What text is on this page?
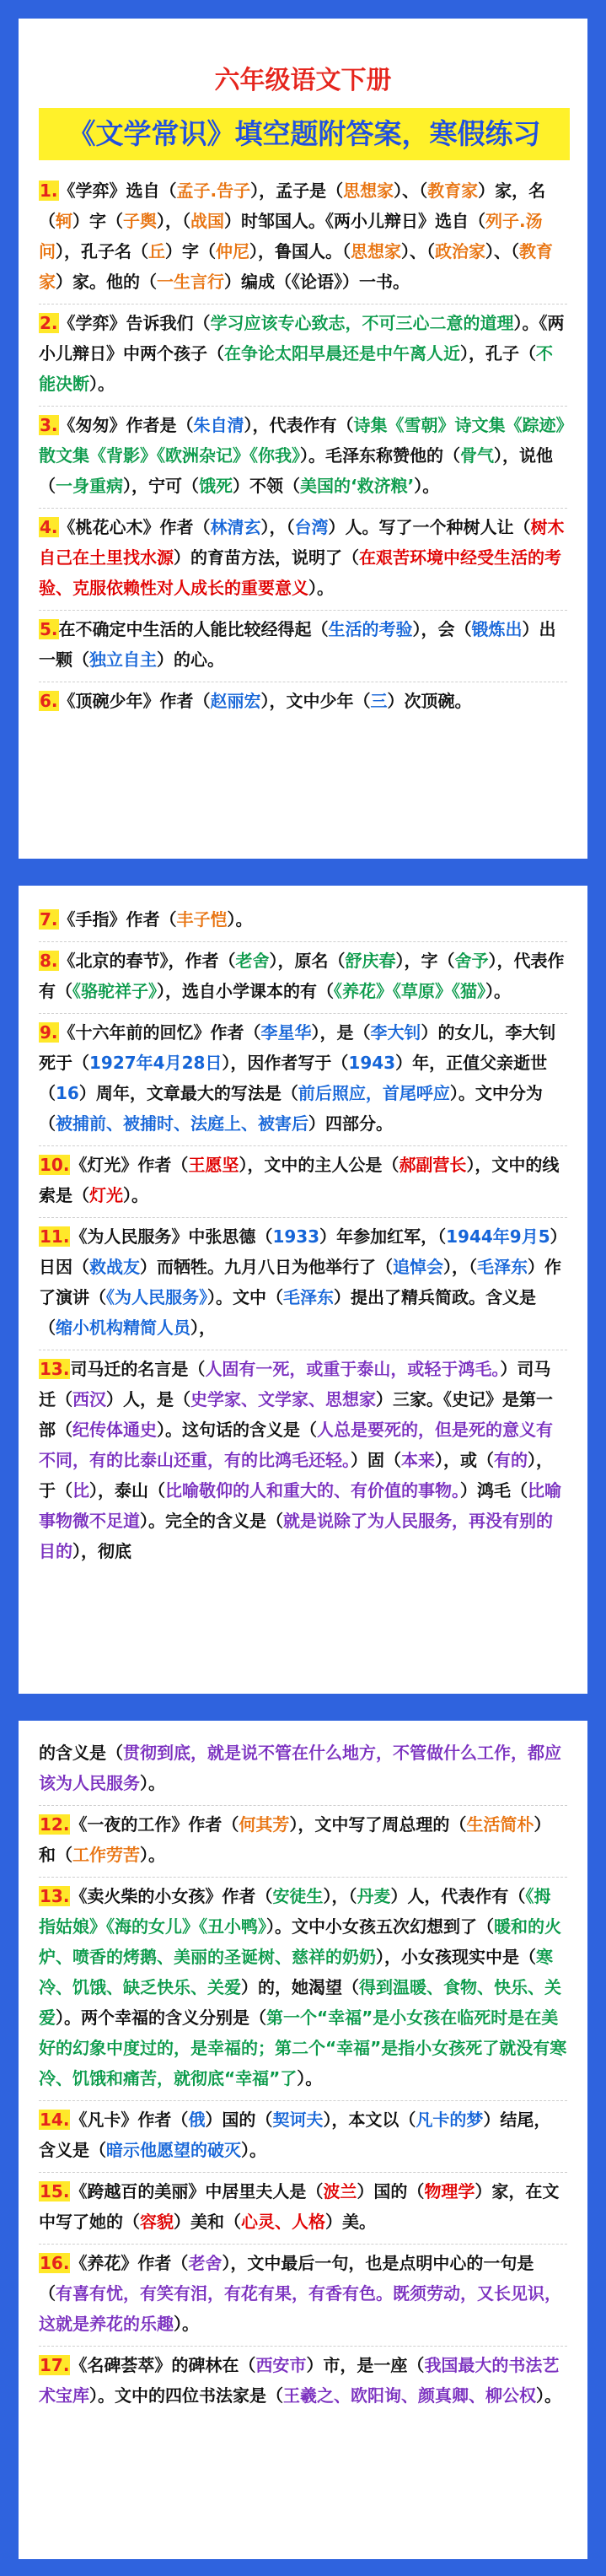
六年级语文下册
《文学常识》填空题附答案，寒假练习
1.《学弈》选自（孟子.告子），孟子是（思想家）、（教育家）家，名（轲）字（子舆），（战国）时邹国人。《两小儿辩日》选自（列子.汤问），孔子名（丘）字（仲尼），鲁国人。（思想家）、（政治家）、（教育家）家。他的（一生言行）编成（《论语》）一书。
2.《学弈》告诉我们（学习应该专心致志，不可三心二意的道理）。《两小儿辩日》中两个孩子（在争论太阳早晨还是中午离人近），孔子（不能决断）。
3.《匆匆》作者是（朱自清），代表作有（诗集《雪朝》诗文集《踪迹》散文集《背影》《欧洲杂记》《你我》）。毛泽东称赞他的（骨气），说他（一身重病），宁可（饿死）不领（美国的‘救济粮’）。
4.《桃花心木》作者（林清玄），（台湾）人。写了一个种树人让（树木自己在土里找水源）的育苗方法，说明了（在艰苦环境中经受生活的考验、克服依赖性对人成长的重要意义）。
5.在不确定中生活的人能比较经得起（生活的考验），会（锻炼出）出一颗（独立自主）的心。
6.《顶碗少年》作者（赵丽宏），文中少年（三）次顶碗。
7.《手指》作者（丰子恺）。
8.《北京的春节》，作者（老舍），原名（舒庆春），字（舍予），代表作有（《骆驼祥子》），选自小学课本的有（《养花》《草原》《猫》）。
9.《十六年前的回忆》作者（李星华），是（李大钊）的女儿，李大钊死于（1927年4月28日），因作者写于（1943）年，正值父亲逝世（16）周年，文章最大的写法是（前后照应，首尾呼应）。文中分为（被捕前、被捕时、法庭上、被害后）四部分。
10.《灯光》作者（王愿坚），文中的主人公是（郝副营长），文中的线索是（灯光）。
11.《为人民服务》中张思德（1933）年参加红军，（1944年9月5）日因（救战友）而牺牲。九月八日为他举行了（追悼会），（毛泽东）作了演讲（《为人民服务》）。文中（毛泽东）提出了精兵简政。含义是（缩小机构精简人员），
13.司马迁的名言是（人固有一死，或重于泰山，或轻于鸿毛。）司马迁（西汉）人，是（史学家、文学家、思想家）三家。《史记》是第一部（纪传体通史）。这句话的含义是（人总是要死的，但是死的意义有不同，有的比泰山还重，有的比鸿毛还轻。）固（本来），或（有的），于（比），泰山（比喻敬仰的人和重大的、有价值的事物。）鸿毛（比喻事物微不足道）。完全的含义是（就是说除了为人民服务，再没有别的目的），彻底
的含义是（贯彻到底，就是说不管在什么地方，不管做什么工作，都应该为人民服务）。
12.《一夜的工作》作者（何其芳），文中写了周总理的（生活简朴）和（工作劳苦）。
13.《卖火柴的小女孩》作者（安徒生），（丹麦）人，代表作有（《拇指姑娘》《海的女儿》《丑小鸭》）。文中小女孩五次幻想到了（暖和的火炉、喷香的烤鹅、美丽的圣诞树、慈祥的奶奶），小女孩现实中是（寒冷、饥饿、缺乏快乐、关爱）的，她渴望（得到温暖、食物、快乐、关爱）。两个幸福的含义分别是（第一个“幸福”是小女孩在临死时是在美好的幻象中度过的，是幸福的；第二个“幸福”是指小女孩死了就没有寒冷、饥饿和痛苦，就彻底“幸福”了）。
14.《凡卡》作者（俄）国的（契诃夫），本文以（凡卡的梦）结尾，含义是（暗示他愿望的破灭）。
15.《跨越百的美丽》中居里夫人是（波兰）国的（物理学）家，在文中写了她的（容貌）美和（心灵、人格）美。
16.《养花》作者（老舍），文中最后一句，也是点明中心的一句是（有喜有忧，有笑有泪，有花有果，有香有色。既须劳动，又长见识，这就是养花的乐趣）。
17.《名碑荟萃》的碑林在（西安市）市，是一座（我国最大的书法艺术宝库）。文中的四位书法家是（王羲之、欧阳询、颜真卿、柳公权）。
